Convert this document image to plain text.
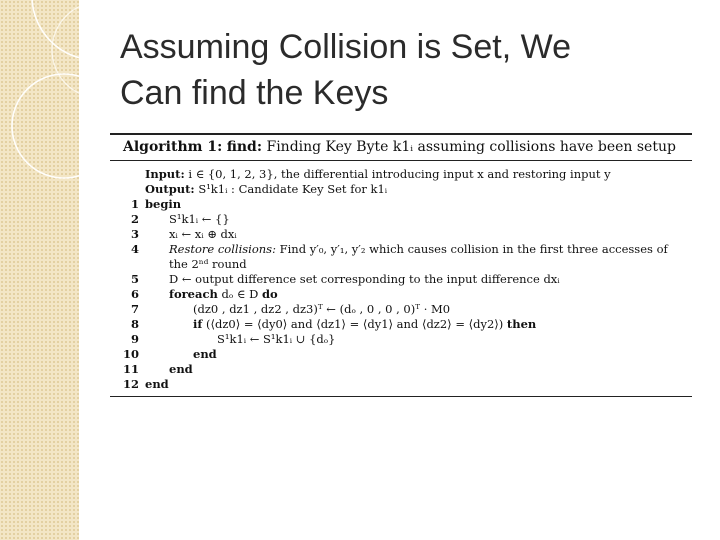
Assuming Collision is Set, We
Can find the Keys
Algorithm 1: find: Finding Key Byte k1ᵢ assuming collisions have been setup
Input: i ∈ {0, 1, 2, 3}, the differential introducing input x and restoring input y
Output: S¹k1ᵢ : Candidate Key Set for k1ᵢ
1 begin
2	S¹k1ᵢ ← {}
3	xᵢ ← xᵢ ⊕ dxᵢ
4	Restore collisions: Find y′₀, y′₁, y′₂ which causes collision in the first three accesses of
the 2ⁿᵈ round
5	D ← output difference set corresponding to the input difference dxᵢ
6	foreach dₒ ∈ D do
7	(dz0 , dz1 , dz2 , dz3)ᵀ ← (dₒ , 0 , 0 , 0)ᵀ · M0
8	if (⟨dz0⟩ = ⟨dy0⟩ and ⟨dz1⟩ = ⟨dy1⟩ and ⟨dz2⟩ = ⟨dy2⟩) then
9	S¹k1ᵢ ← S¹k1ᵢ ∪ {dₒ}
10	end
11	end
12 end
